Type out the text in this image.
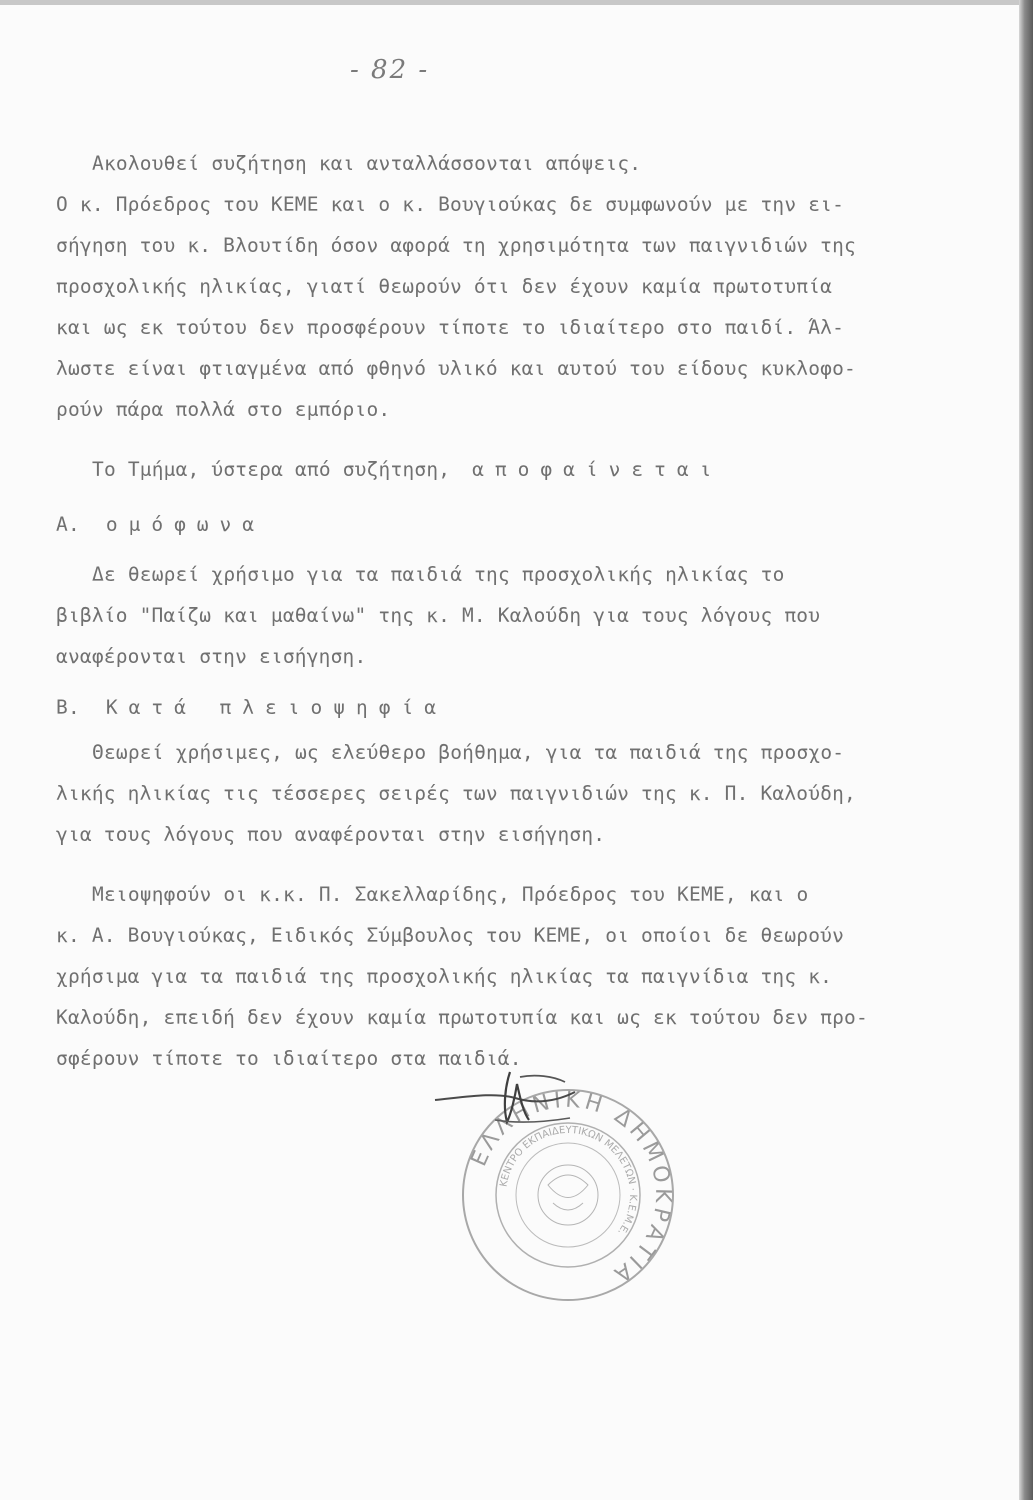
- 82 -
Ακολουθεί συζήτηση και ανταλλάσσονται απόψεις.
Ο κ. Πρόεδρος του ΚΕΜΕ και ο κ. Βουγιούκας δε συμφωνούν με την ει-
σήγηση του κ. Βλουτίδη όσον αφορά τη χρησιμότητα των παιγνιδιών της
προσχολικής ηλικίας, γιατί θεωρούν ότι δεν έχουν καμία πρωτοτυπία
και ως εκ τούτου δεν προσφέρουν τίποτε το ιδιαίτερο στο παιδί. Άλ-
λωστε είναι φτιαγμένα από φθηνό υλικό και αυτού του είδους κυκλοφο-
ρούν πάρα πολλά στο εμπόριο.
Το Τμήμα, ύστερα από συζήτηση, αποφαίνεται
Α. ομόφωνα
Δε θεωρεί χρήσιμο για τα παιδιά της προσχολικής ηλικίας το
βιβλίο "Παίζω και μαθαίνω" της κ. Μ. Καλούδη για τους λόγους που
αναφέρονται στην εισήγηση.
Β. Κατά πλειοψηφία
Θεωρεί χρήσιμες, ως ελεύθερο βοήθημα, για τα παιδιά της προσχο-
λικής ηλικίας τις τέσσερες σειρές των παιγνιδιών της κ. Π. Καλούδη,
για τους λόγους που αναφέρονται στην εισήγηση.
Μειοψηφούν οι κ.κ. Π. Σακελλαρίδης, Πρόεδρος του ΚΕΜΕ, και ο
κ. Α. Βουγιούκας, Ειδικός Σύμβουλος του ΚΕΜΕ, οι οποίοι δε θεωρούν
χρήσιμα για τα παιδιά της προσχολικής ηλικίας τα παιγνίδια της κ.
Καλούδη, επειδή δεν έχουν καμία πρωτοτυπία και ως εκ τούτου δεν προ-
σφέρουν τίποτε το ιδιαίτερο στα παιδιά.
ΕΛΛΗΝΙΚΗ ΔΗΜΟΚΡΑΤΙΑ
ΚΕΝΤΡΟ ΕΚΠΑΙΔΕΥΤΙΚΩΝ ΜΕΛΕΤΩΝ · Κ.Ε.Μ.Ε.
